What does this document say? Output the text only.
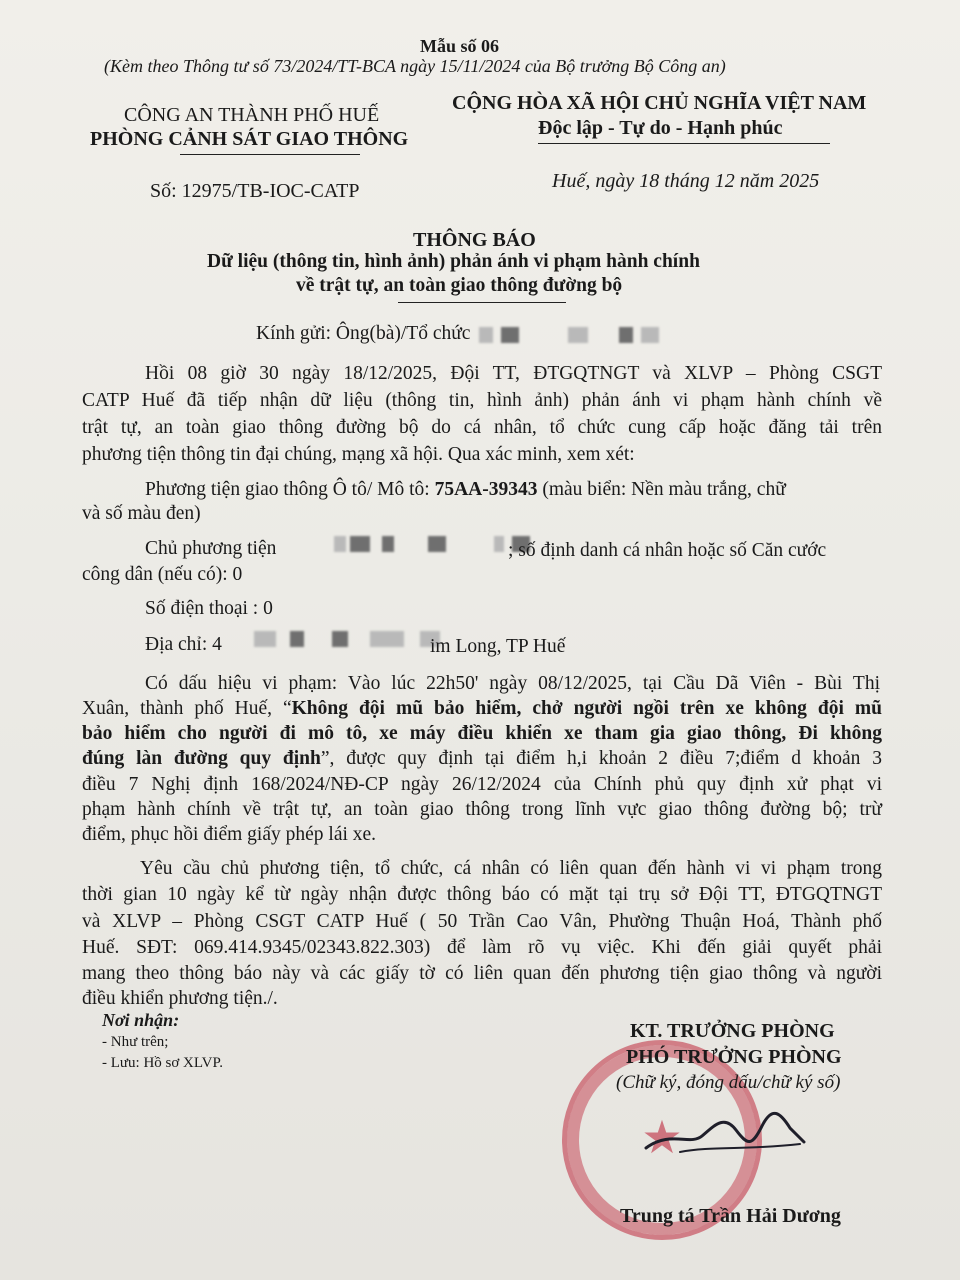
Mẫu số 06
(Kèm theo Thông tư số 73/2024/TT-BCA ngày 15/11/2024 của Bộ trưởng Bộ Công an)
CÔNG AN THÀNH PHỐ HUẾ
PHÒNG CẢNH SÁT GIAO THÔNG
CỘNG HÒA XÃ HỘI CHỦ NGHĨA VIỆT NAM
Độc lập - Tự do - Hạnh phúc
Số: 12975/TB-IOC-CATP	Huế, ngày 18 tháng 12 năm 2025
THÔNG BÁO
Dữ liệu (thông tin, hình ảnh) phản ánh vi phạm hành chính
về trật tự, an toàn giao thông đường bộ
Kính gửi: Ông(bà)/Tổ chức
Hồi 08 giờ 30 ngày 18/12/2025, Đội TT, ĐTGQTNGT và XLVP – Phòng CSGT
CATP Huế đã tiếp nhận dữ liệu (thông tin, hình ảnh) phản ánh vi phạm hành chính về
trật tự, an toàn giao thông đường bộ do cá nhân, tổ chức cung cấp hoặc đăng tải trên
phương tiện thông tin đại chúng, mạng xã hội. Qua xác minh, xem xét:
Phương tiện giao thông Ô tô/ Mô tô: 75AA-39343 (màu biển: Nền màu trắng, chữ
và số màu đen)
Chủ phương tiện
	; số định danh cá nhân hoặc số Căn cước
công dân (nếu có): 0
Số điện thoại : 0
Địa chỉ: 4
	im Long, TP Huế
Có dấu hiệu vi phạm: Vào lúc 22h50' ngày 08/12/2025, tại Cầu Dã Viên - Bùi Thị
Xuân, thành phố Huế, “Không đội mũ bảo hiểm, chở người ngồi trên xe không đội mũ
bảo hiểm cho người đi mô tô, xe máy điều khiển xe tham gia giao thông, Đi không
đúng làn đường quy định”, được quy định tại điểm h,i khoản 2 điều 7;điểm d khoản 3
điều 7 Nghị định 168/2024/NĐ-CP ngày 26/12/2024 của Chính phủ quy định xử phạt vi
phạm hành chính về trật tự, an toàn giao thông trong lĩnh vực giao thông đường bộ; trừ
điểm, phục hồi điểm giấy phép lái xe.
Yêu cầu chủ phương tiện, tổ chức, cá nhân có liên quan đến hành vi vi phạm trong
thời gian 10 ngày kể từ ngày nhận được thông báo có mặt tại trụ sở Đội TT, ĐTGQTNGT
và XLVP – Phòng CSGT CATP Huế ( 50 Trần Cao Vân, Phường Thuận Hoá, Thành phố
Huế. SĐT: 069.414.9345/02343.822.303) để làm rõ vụ việc. Khi đến giải quyết phải
mang theo thông báo này và các giấy tờ có liên quan đến phương tiện giao thông và người
điều khiển phương tiện./.
Nơi nhận:
- Như trên;
- Lưu: Hồ sơ XLVP.
★
KT. TRƯỞNG PHÒNG
PHÓ TRƯỞNG PHÒNG
(Chữ ký, đóng dấu/chữ ký số)
Trung tá Trần Hải Dương
